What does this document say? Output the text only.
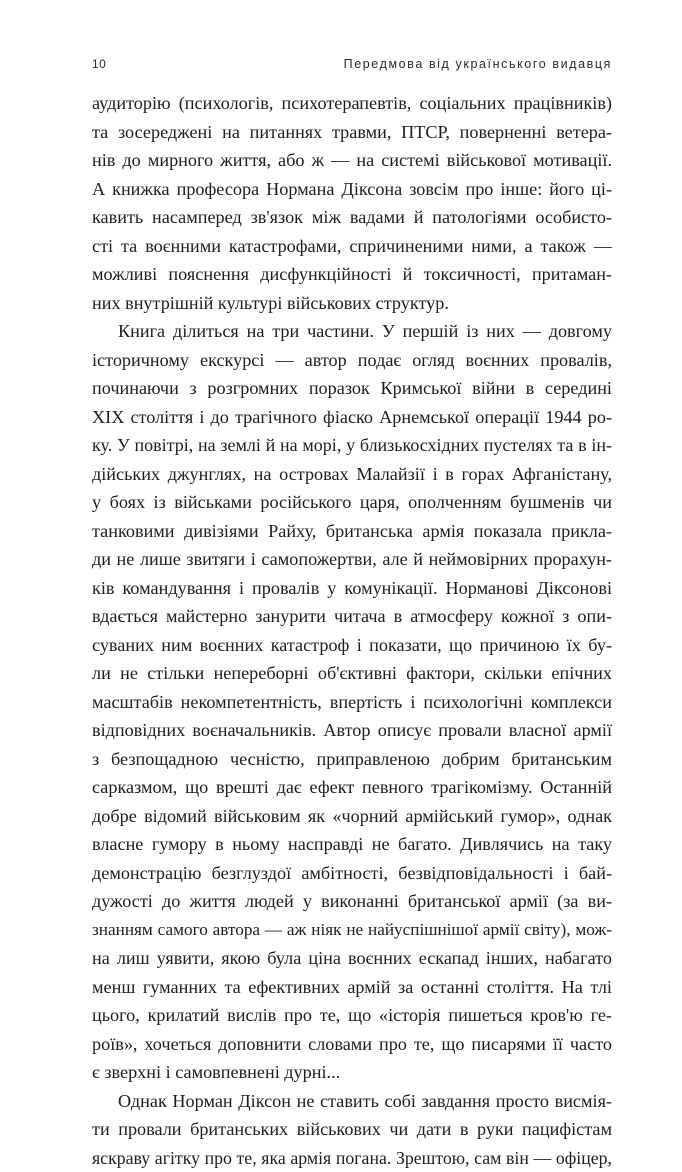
10	Передмова від українського видавця
аудиторію (психологів, психотерапевтів, соціальних працівників)
та зосереджені на питаннях травми, ПТСР, поверненні ветера-
нів до мирного життя, або ж — на системі військової мотивації.
А книжка професора Нормана Діксона зовсім про інше: його ці-
кавить насамперед зв'язок між вадами й патологіями особисто-
сті та воєнними катастрофами, спричиненими ними, а також —
можливі пояснення дисфункційності й токсичності, притаман-
них внутрішній культурі військових структур.
Книга ділиться на три частини. У першій із них — довгому
історичному екскурсі — автор подає огляд воєнних провалів,
починаючи з розгромних поразок Кримської війни в середині
XIX століття і до трагічного фіаско Арнемської операції 1944 ро-
ку. У повітрі, на землі й на морі, у близькосхідних пустелях та в ін-
дійських джунглях, на островах Малайзії і в горах Афганістану,
у боях із військами російського царя, ополченням бушменів чи
танковими дивізіями Райху, британська армія показала прикла-
ди не лише звитяги і самопожертви, але й неймовірних прорахун-
ків командування і провалів у комунікації. Нормановi Діксонові
вдається майстерно занурити читача в атмосферу кожної з опи-
суваних ним воєнних катастроф і показати, що причиною їх бу-
ли не стільки непереборні об'єктивні фактори, скільки епічних
масштабів некомпетентність, впертість і психологічні комплекси
відповідних воєначальників. Автор описує провали власної армії
з безпощадною чесністю, приправленою добрим британським
сарказмом, що врешті дає ефект певного трагікомізму. Останній
добре відомий військовим як «чорний армійський гумор», однак
власне гумору в ньому насправді не багато. Дивлячись на таку
демонстрацію безглуздої амбітності, безвідповідальності і бай-
дужості до життя людей у виконанні британської армії (за ви-
знанням самого автора — аж ніяк не найуспішнішої армії світу), мож-
на лиш уявити, якою була ціна воєнних ескапад інших, набагато
менш гуманних та ефективних армій за останні століття. На тлі
цього, крилатий вислів про те, що «історія пишеться кров'ю ге-
роїв», хочеться доповнити словами про те, що писарями її часто
є зверхні і самовпевнені дурні...
Однак Норман Діксон не ставить собі завдання просто висмія-
ти провали британських військових чи дати в руки пацифістам
яскраву агітку про те, яка армія погана. Зрештою, сам він — офіцер,
